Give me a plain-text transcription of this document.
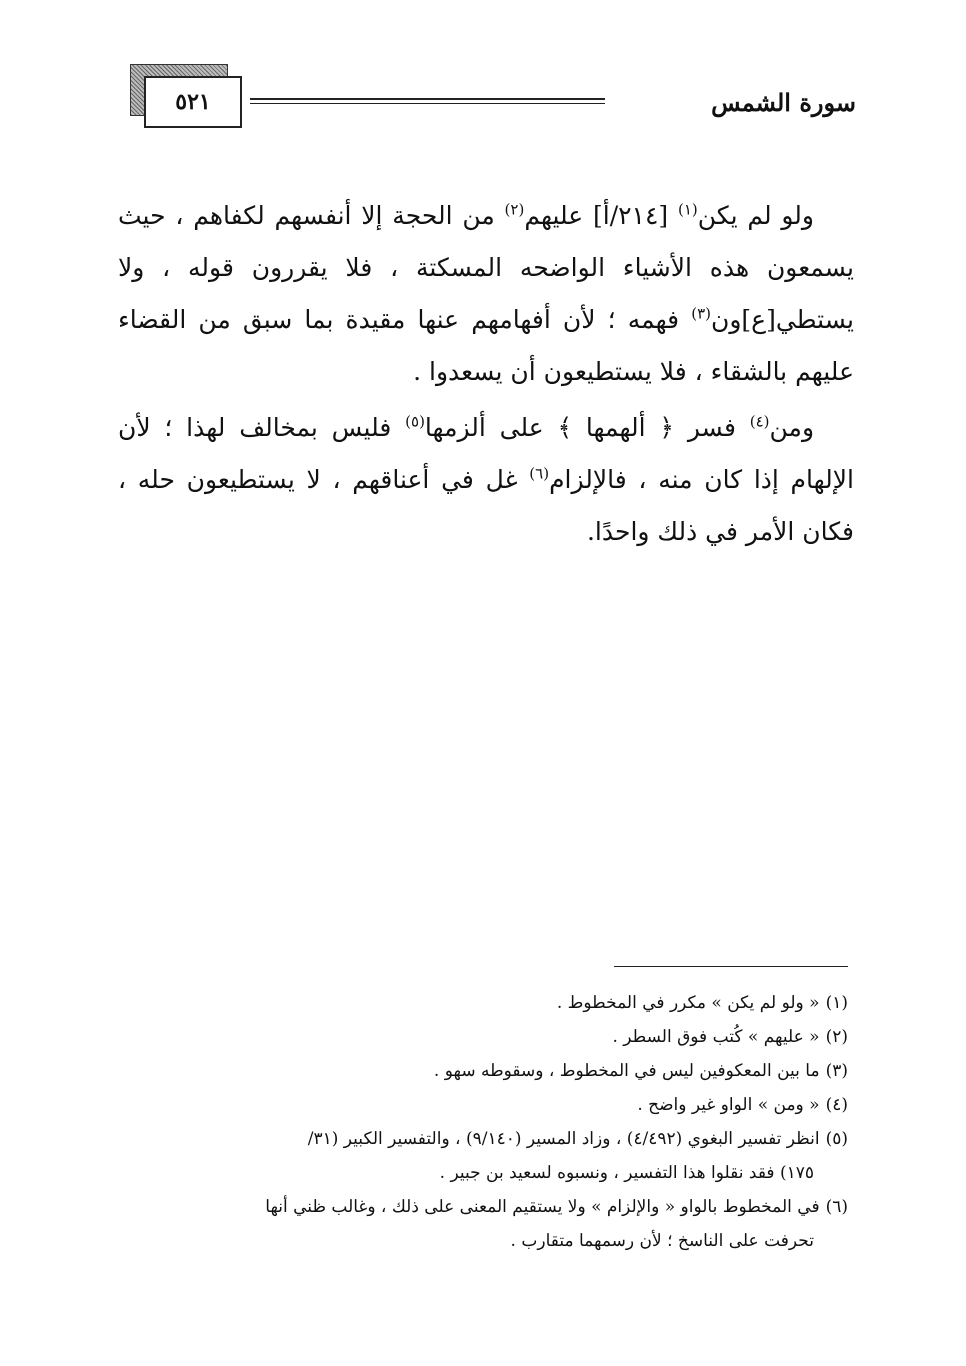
٥٢١	سورة الشمس

ولو لم يكن$^{(١)}$ [٢١٤/أ] عليهم$^{(٢)}$ من الحجة إلا أنفسهم لكفاهم ، حيث يسمعون هذه الأشياء الواضحه المسكتة ، فلا يقررون قوله ، ولا يستطي[ع]ون$^{(٣)}$ فهمه ؛ لأن أفهامهم عنها مقيدة بما سبق من القضاء عليهم بالشقاء ، فلا يستطيعون أن يسعدوا .

ومن$^{(٤)}$ فسر ﴿ ألهمها ﴾ على ألزمها$^{(٥)}$ فليس بمخالف لهذا ؛ لأن الإلهام إذا كان منه ، فالإلزام$^{(٦)}$ غل في أعناقهم ، لا يستطيعون حله ، فكان الأمر في ذلك واحدًا.

(١)« ولو لم يكن » مكرر في المخطوط .

(٢)« عليهم » كُتب فوق السطر .

(٣)ما بين المعكوفين ليس في المخطوط ، وسقوطه سهو .

(٤)« ومن » الواو غير واضح .

(٥)انظر تفسير البغوي (٤/٤٩٢) ، وزاد المسير (٩/١٤٠) ، والتفسير الكبير (٣١/

١٧٥) فقد نقلوا هذا التفسير ، ونسبوه لسعيد بن جبير .

(٦)في المخطوط بالواو « والإلزام » ولا يستقيم المعنى على ذلك ، وغالب ظني أنها

تحرفت على الناسخ ؛ لأن رسمهما متقارب .
